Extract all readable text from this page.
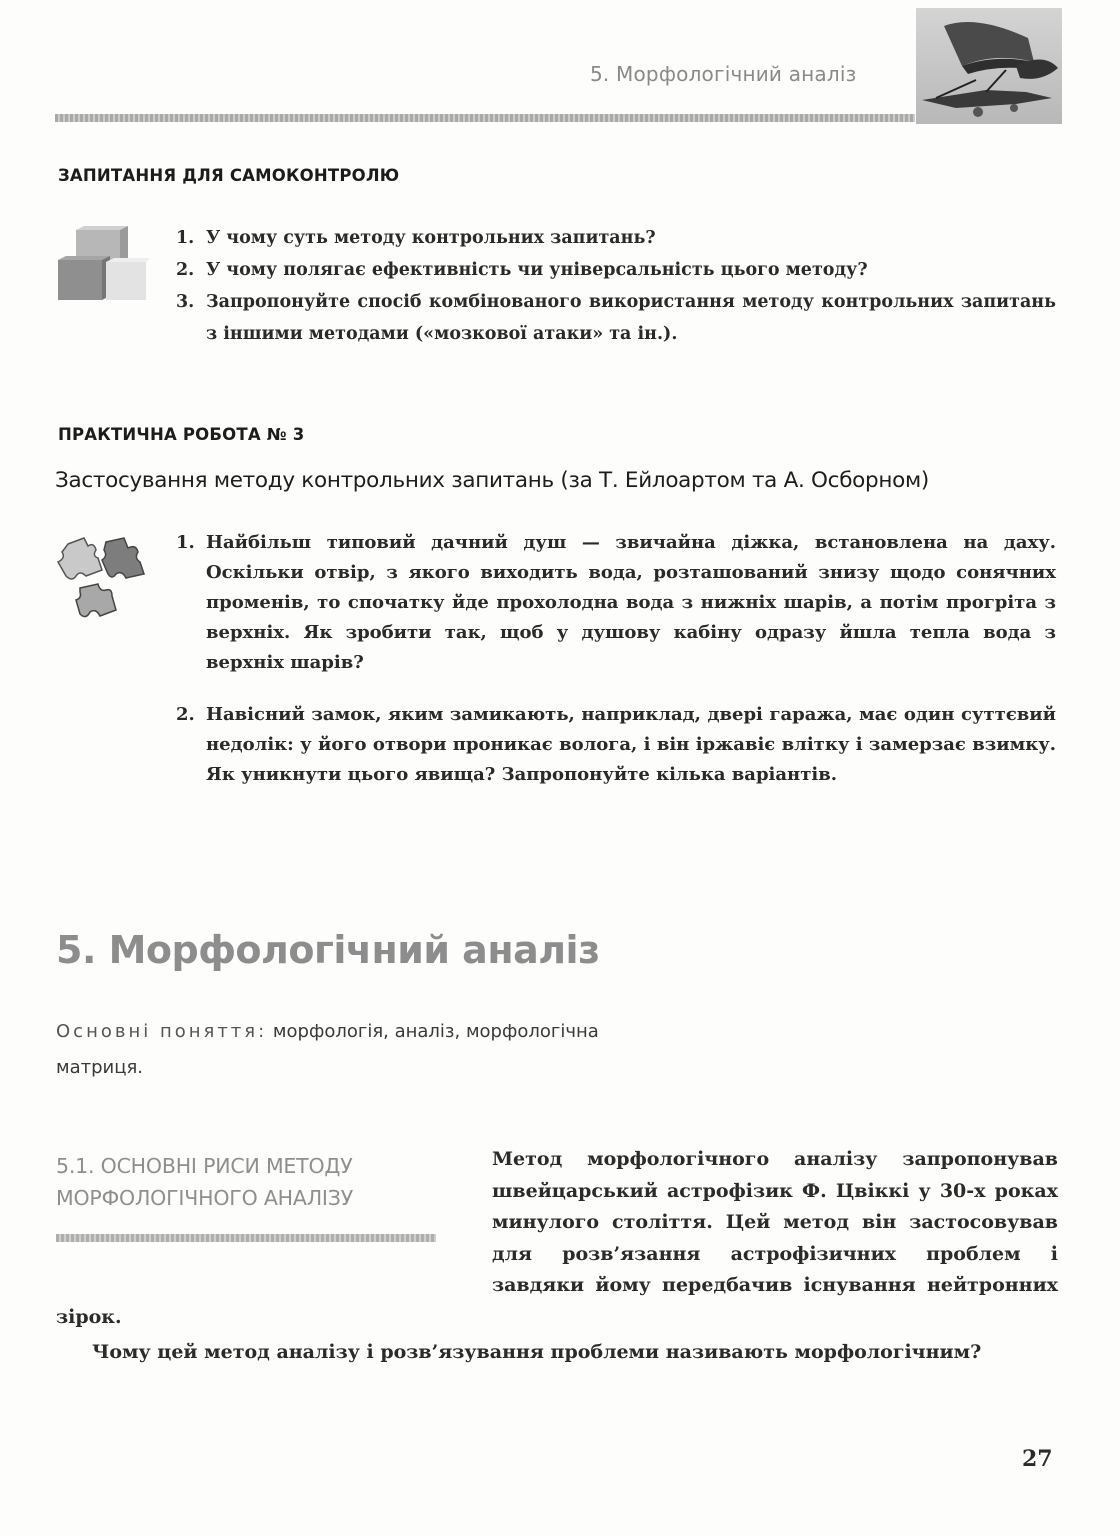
5. Морфологічний аналіз
ЗАПИТАННЯ ДЛЯ САМОКОНТРОЛЮ
1. У чому суть методу контрольних запитань?
2. У чому полягає ефективність чи універсальність цього методу?
3. Запропонуйте спосіб комбінованого використання методу контрольних запитань з іншими методами («мозкової атаки» та ін.).
ПРАКТИЧНА РОБОТА № 3
Застосування методу контрольних запитань (за Т. Ейлоартом та А. Осборном)
1. Найбільш типовий дачний душ — звичайна діжка, встановлена на даху. Оскільки отвір, з якого виходить вода, розташований знизу щодо сонячних променів, то спочатку йде прохолодна вода з нижніх шарів, а потім прогріта з верхніх. Як зробити так, щоб у душову кабіну одразу йшла тепла вода з верхніх шарів?
2. Навісний замок, яким замикають, наприклад, двері гаража, має один суттєвий недолік: у його отвори проникає волога, і він іржавіє влітку і замерзає взимку. Як уникнути цього явища? Запропонуйте кілька варіантів.
5. Морфологічний аналіз
Основні поняття: морфологія, аналіз, морфологічна матриця.
5.1. ОСНОВНІ РИСИ МЕТОДУ МОРФОЛОГІЧНОГО АНАЛІЗУ

Метод морфологічного аналізу запропонував швейцарський астрофізик Ф. Цвіккі у 30-х роках минулого століття. Цей метод він застосовував для розв’язання астрофізичних проблем і завдяки йому передбачив існування нейтронних зірок.

Чому цей метод аналізу і розв’язування проблеми називають морфологічним?

27
